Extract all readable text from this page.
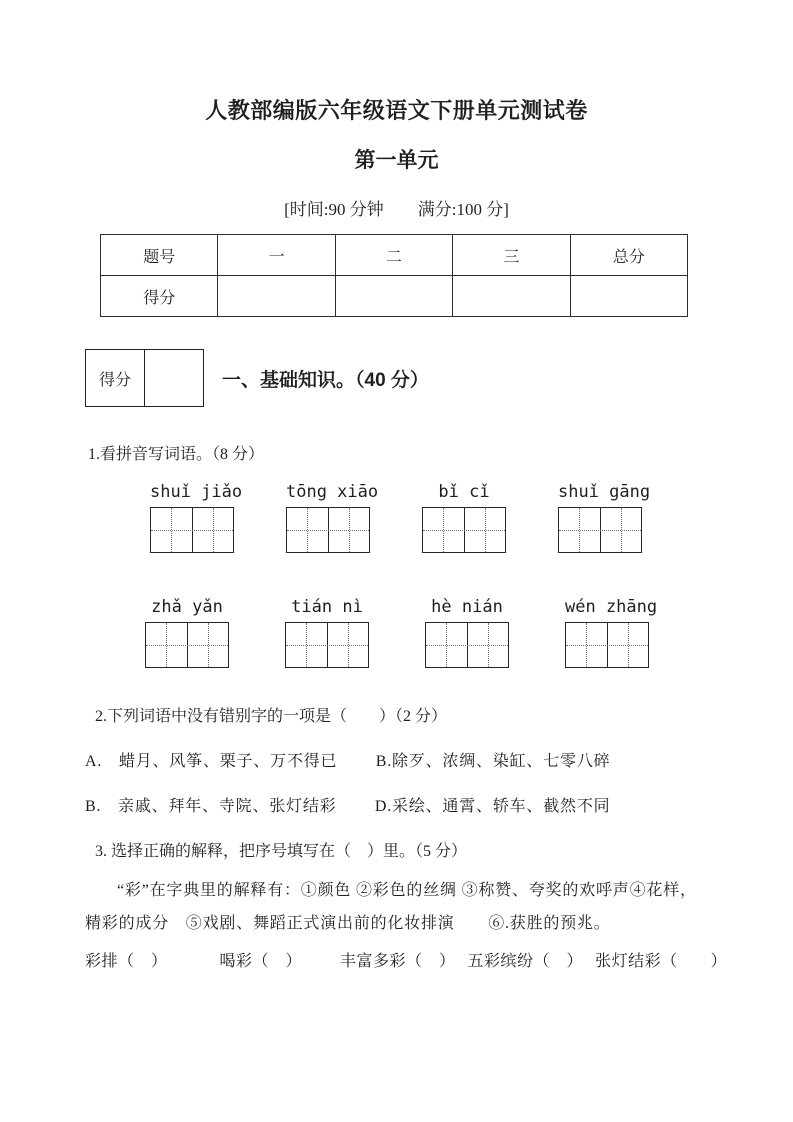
人教部编版六年级语文下册单元测试卷
第一单元
[时间:90 分钟　　满分:100 分]
题号	一	二	三	总分
得分				
得分		一、基础知识。（40 分）
1.看拼音写词语。（8 分）
shuǐ jiǎo	tōng xiāo	bǐ cǐ	shuǐ gāng
zhǎ yǎn	tián nì	hè nián	wén zhāng
2.下列词语中没有错别字的一项是（　　）（2 分）
A.　蜡月、风筝、栗子、万不得已　　 B.除歹、浓绸、染缸、七零八碎
B.　亲戚、拜年、寺院、张灯结彩　　 D.采绘、通霄、轿车、截然不同
3. 选择正确的解释，把序号填写在（　）里。（5 分）
“彩”在字典里的解释有：①颜色 ②彩色的丝绸 ③称赞、夸奖的欢呼声④花样，
精彩的成分　⑤戏剧、舞蹈正式演出前的化妆排演　　⑥.获胜的预兆。
彩排（　）	喝彩（　） 丰富多彩（　） 五彩缤纷（　） 张灯结彩（　　）
